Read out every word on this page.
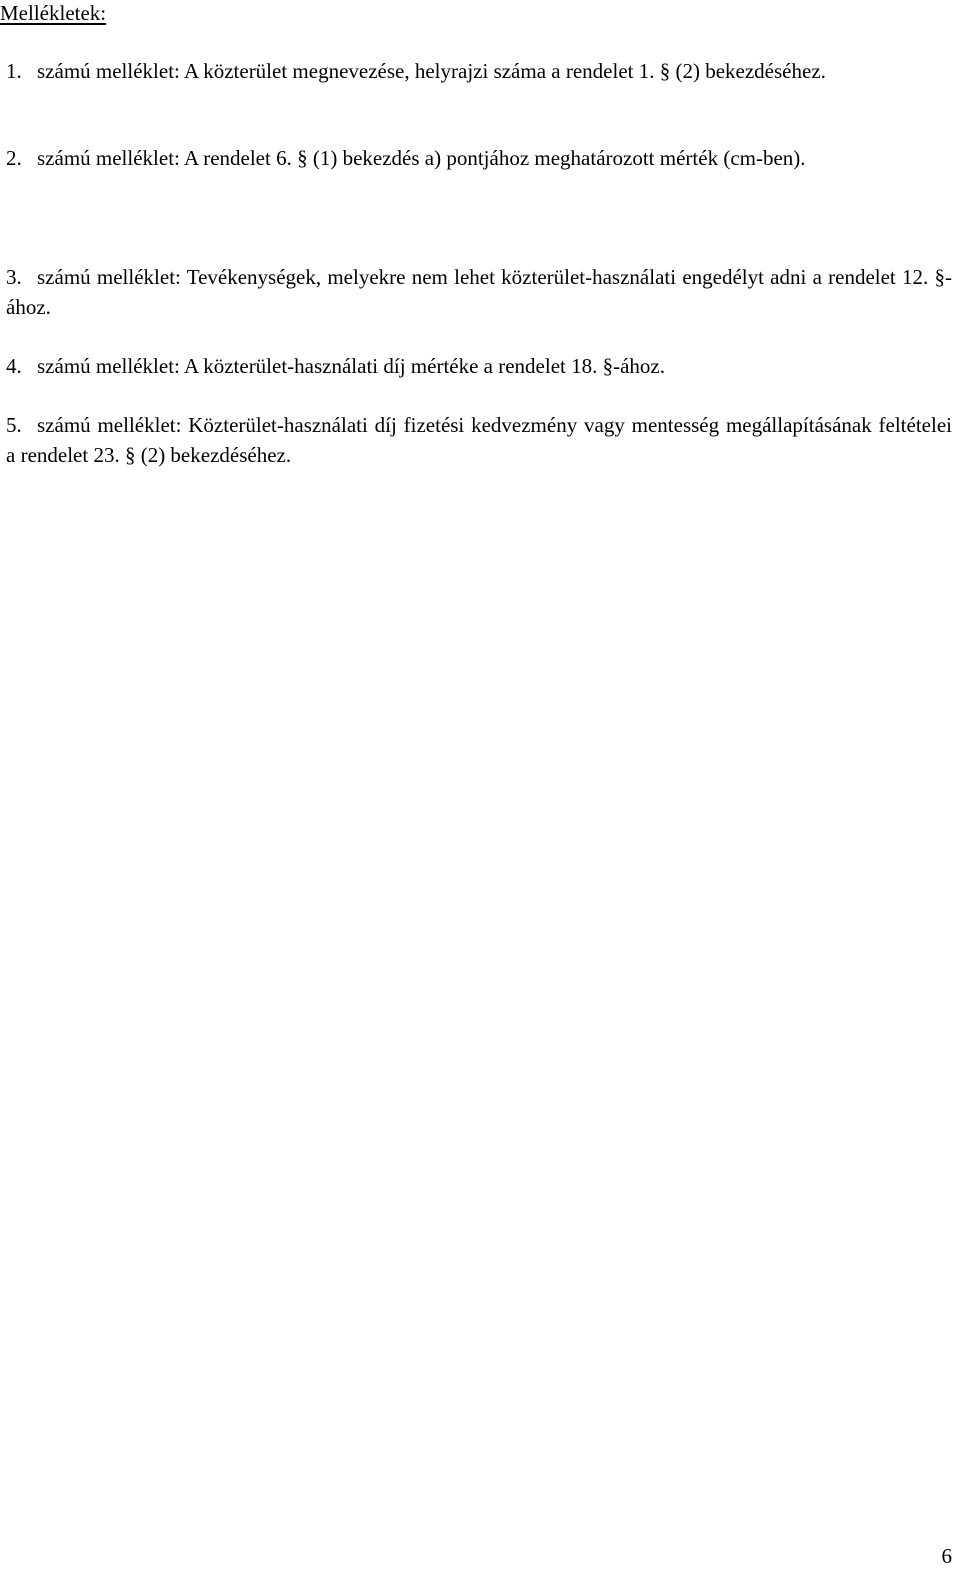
Mellékletek:
1. számú melléklet: A közterület megnevezése, helyrajzi száma a rendelet 1. § (2) bekezdéséhez.
2. számú melléklet: A rendelet 6. § (1) bekezdés a) pontjához meghatározott mérték (cm-ben).
3. számú melléklet: Tevékenységek, melyekre nem lehet közterület-használati engedélyt adni a rendelet 12. §-ához.
4. számú melléklet: A közterület-használati díj mértéke a rendelet 18. §-ához.
5. számú melléklet: Közterület-használati díj fizetési kedvezmény vagy mentesség megállapításának feltételei a rendelet 23. § (2) bekezdéséhez.
6
